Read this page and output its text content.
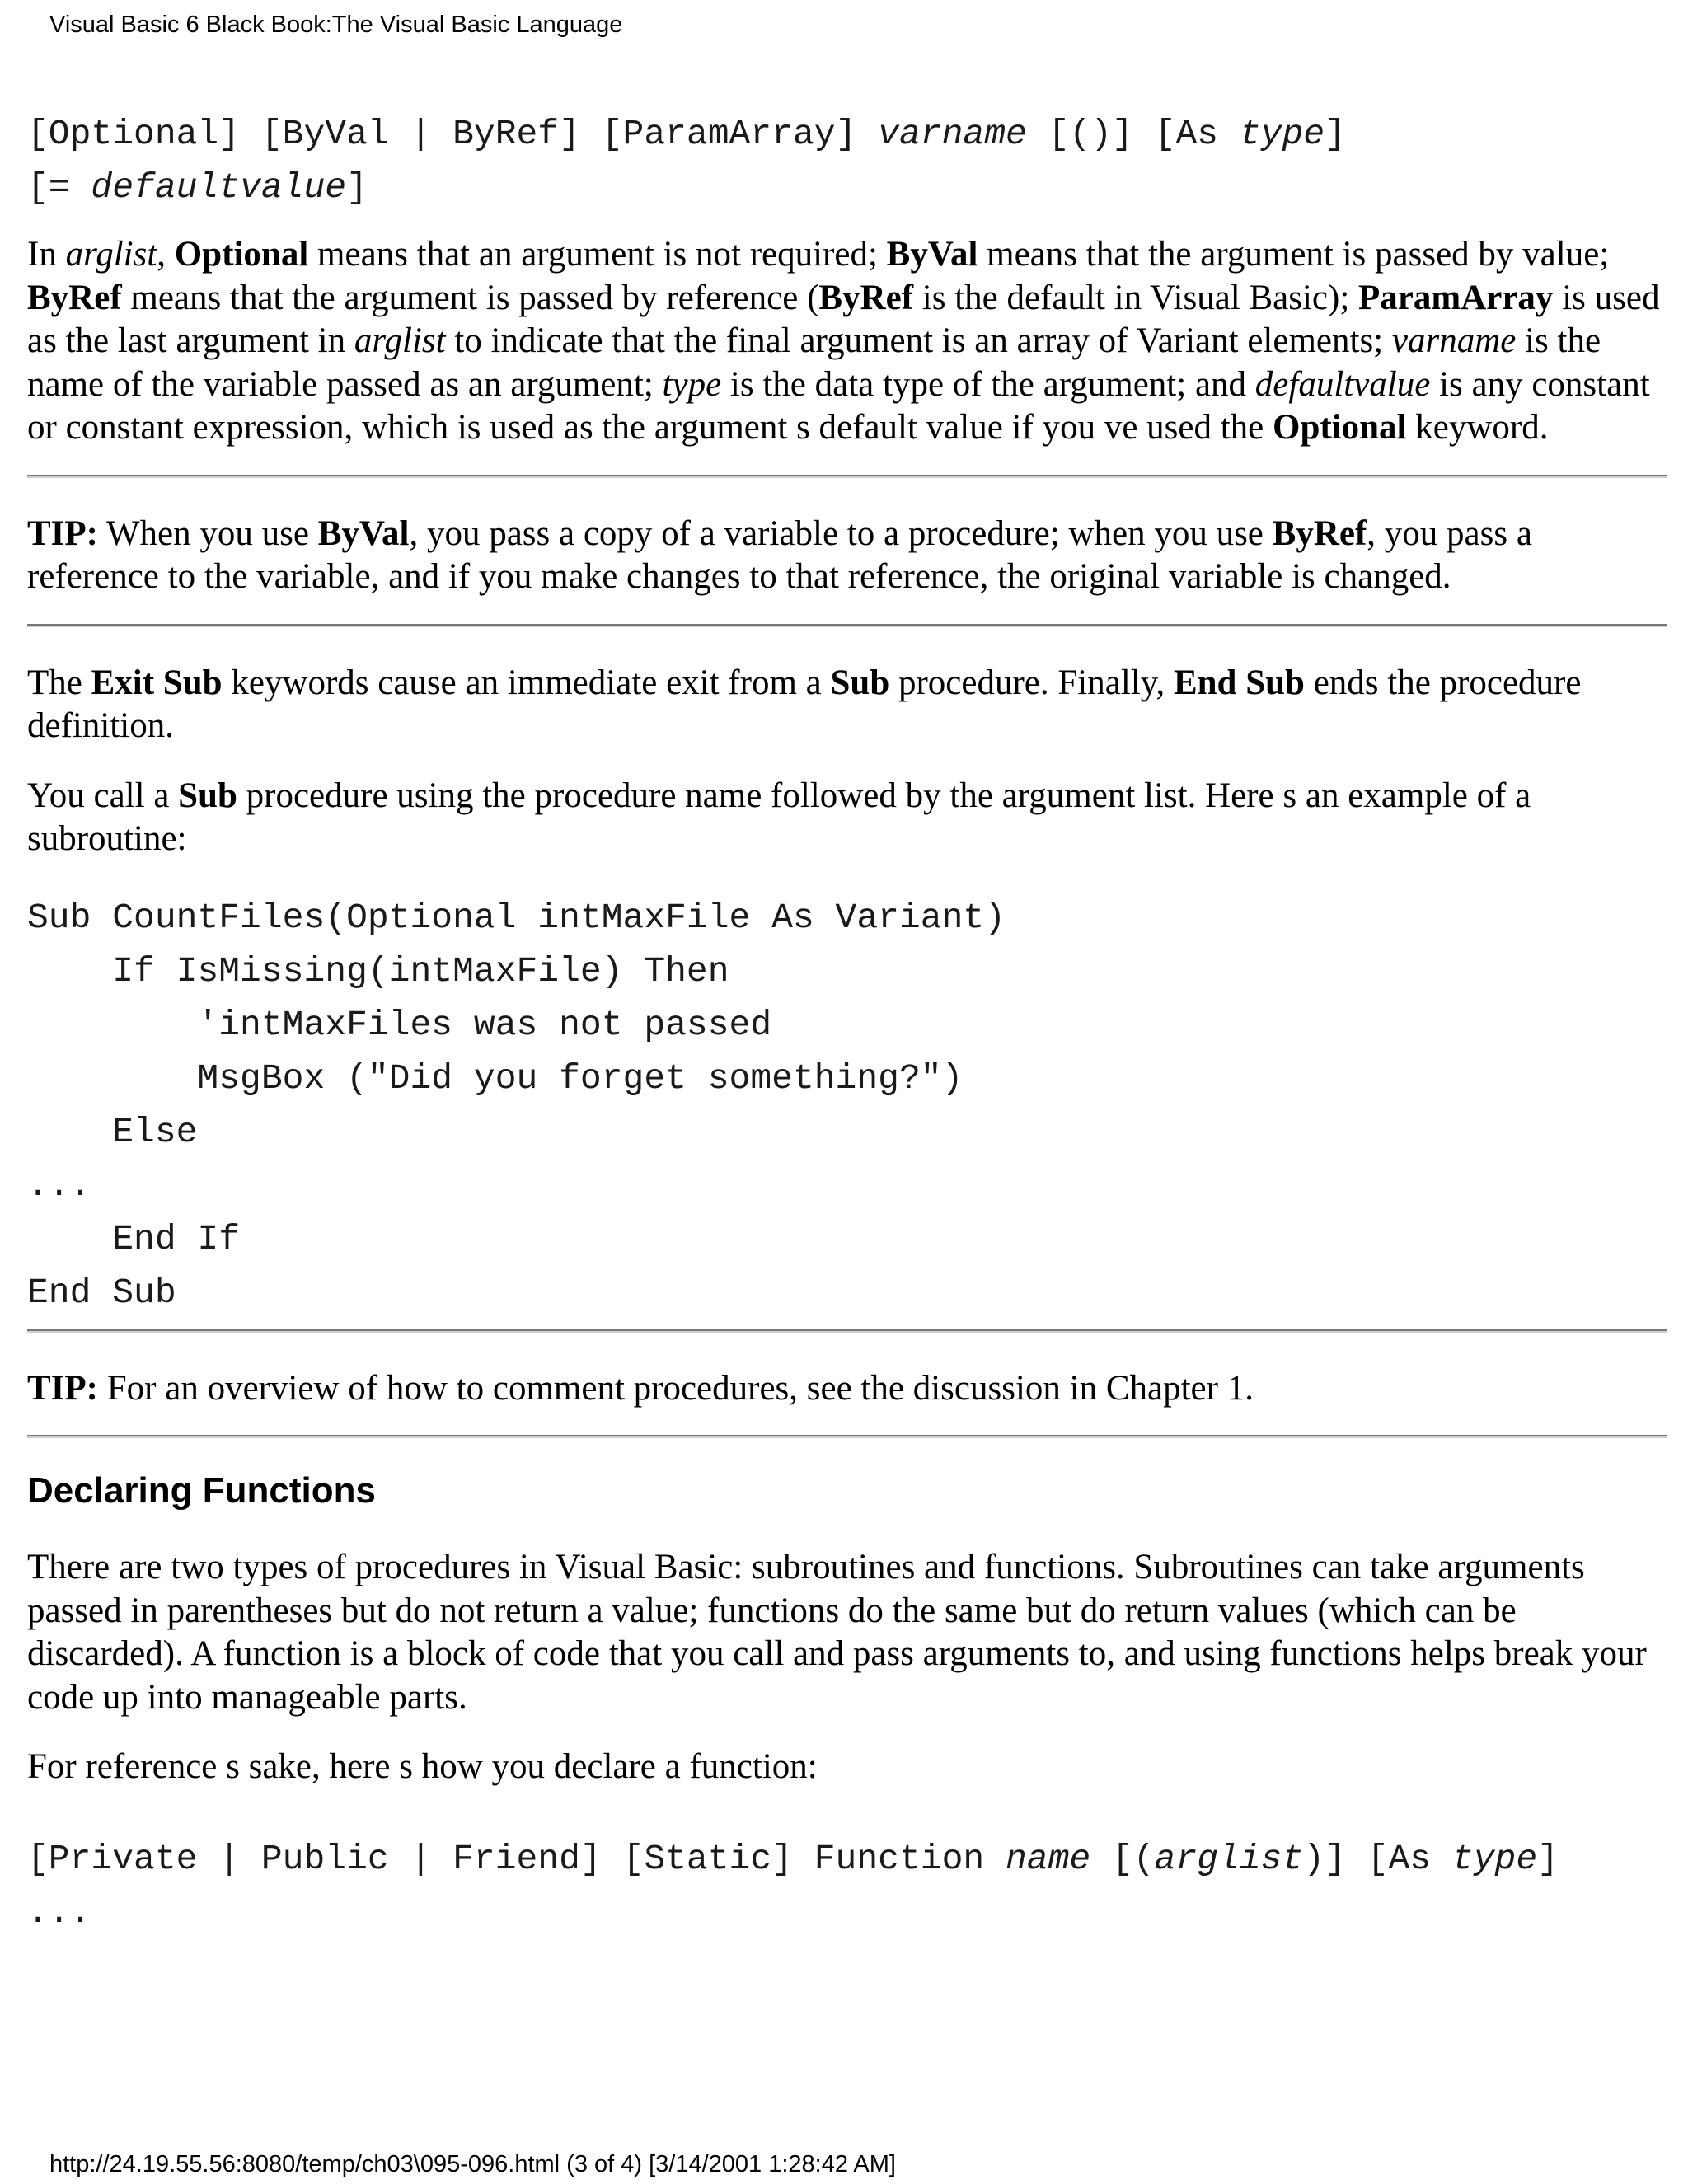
Visual Basic 6 Black Book:The Visual Basic Language
[Optional] [ByVal | ByRef] [ParamArray] varname [()] [As type]
[= defaultvalue]

In arglist, Optional means that an argument is not required; ByVal means that the argument is passed by value; ByRef means that the argument is passed by reference (ByRef is the default in Visual Basic); ParamArray is used as the last argument in arglist to indicate that the final argument is an array of Variant elements; varname is the name of the variable passed as an argument; type is the data type of the argument; and defaultvalue is any constant or constant expression, which is used as the argument s default value if you ve used the Optional keyword.

TIP: When you use ByVal, you pass a copy of a variable to a procedure; when you use ByRef, you pass a reference to the variable, and if you make changes to that reference, the original variable is changed.

The Exit Sub keywords cause an immediate exit from a Sub procedure. Finally, End Sub ends the procedure definition.

You call a Sub procedure using the procedure name followed by the argument list. Here s an example of a subroutine:

Sub CountFiles(Optional intMaxFile As Variant)
If IsMissing(intMaxFile) Then
'intMaxFiles was not passed
MsgBox ("Did you forget something?")
Else
...
End If
End Sub

TIP: For an overview of how to comment procedures, see the discussion in Chapter 1.

Declaring Functions

There are two types of procedures in Visual Basic: subroutines and functions. Subroutines can take arguments passed in parentheses but do not return a value; functions do the same but do return values (which can be discarded). A function is a block of code that you call and pass arguments to, and using functions helps break your code up into manageable parts.

For reference s sake, here s how you declare a function:

[Private | Public | Friend] [Static] Function name [(arglist)] [As type]
...
http://24.19.55.56:8080/temp/ch03\095-096.html (3 of 4) [3/14/2001 1:28:42 AM]
